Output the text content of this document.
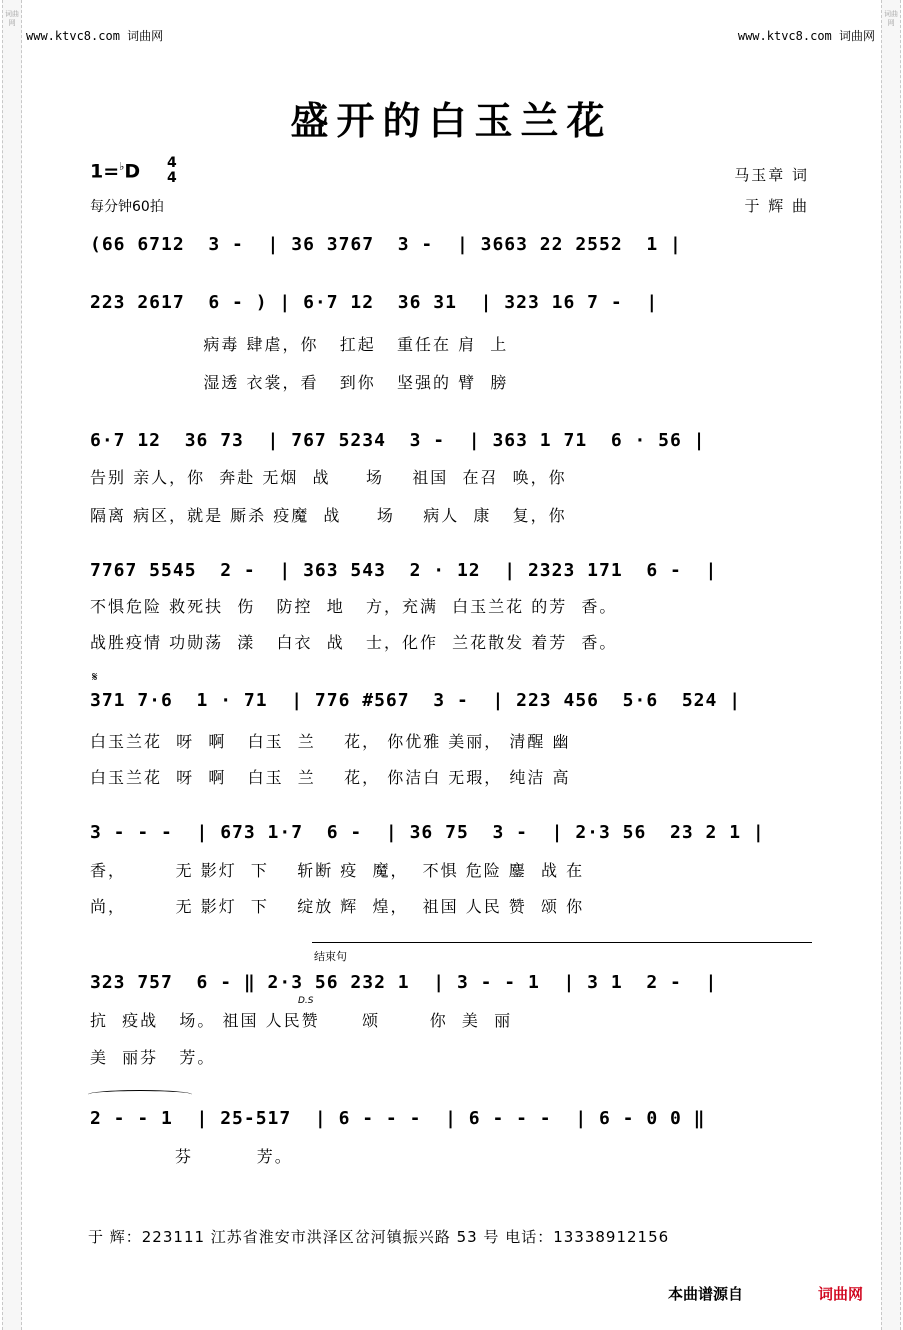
词曲网
词曲网
www.ktvc8.com 词曲网	www.ktvc8.com 词曲网
盛开的白玉兰花
1=♭D 4
4
每分钟60拍
马玉章 词
于 辉 曲
(66 6712  3 -  | 36 3767  3 -  | 3663 22 2552  1 |
223 2617  6 - ) | 6·7 12  36 31  | 323 16 7 -  |
病毒 肆虐，你   扛起   重任在 肩  上
湿透 衣裳，看   到你   坚强的 臂  膀
6·7 12  36 73  | 767 5234  3 -  | 363 1 71  6 · 56 |
告别 亲人，你  奔赴 无烟  战     场    祖国  在召  唤，你
隔离 病区，就是 厮杀 疫魔  战     场    病人  康   复，你
7767 5545  2 -  | 363 543  2 · 12  | 2323 171  6 -  |
不惧危险 救死扶  伤   防控  地   方，充满  白玉兰花 的芳  香。
战胜疫情 功勋荡  漾   白衣  战   士，化作  兰花散发 着芳  香。
𝄋
371 7·6  1 · 71  | 776 #567  3 -  | 223 456  5·6  524 |
白玉兰花  呀  啊   白玉  兰    花， 你优雅 美丽， 清醒 幽
白玉兰花  呀  啊   白玉  兰    花， 你洁白 无瑕， 纯洁 高
3 - - -  | 673 1·7  6 -  | 36 75  3 -  | 2·3 56  23 2 1 |
香，       无 影灯  下    斩断 疫  魔，  不惧 危险 鏖  战 在
尚，       无 影灯  下    绽放 辉  煌，  祖国 人民 赞  颂 你
结束句
323 757  6 - ‖ 2·3 56 232 1  | 3 - - 1  | 3 1  2 -  |
D.S
抗  疫战   场。 祖国 人民赞      颂       你  美  丽
美  丽芬   芳。
2 - - 1  | 25-517  | 6 - - -  | 6 - - -  | 6 - 0 0 ‖
芬         芳。
于 辉：223111 江苏省淮安市洪泽区岔河镇振兴路 53 号 电话：13338912156
本曲谱源自	词曲网
